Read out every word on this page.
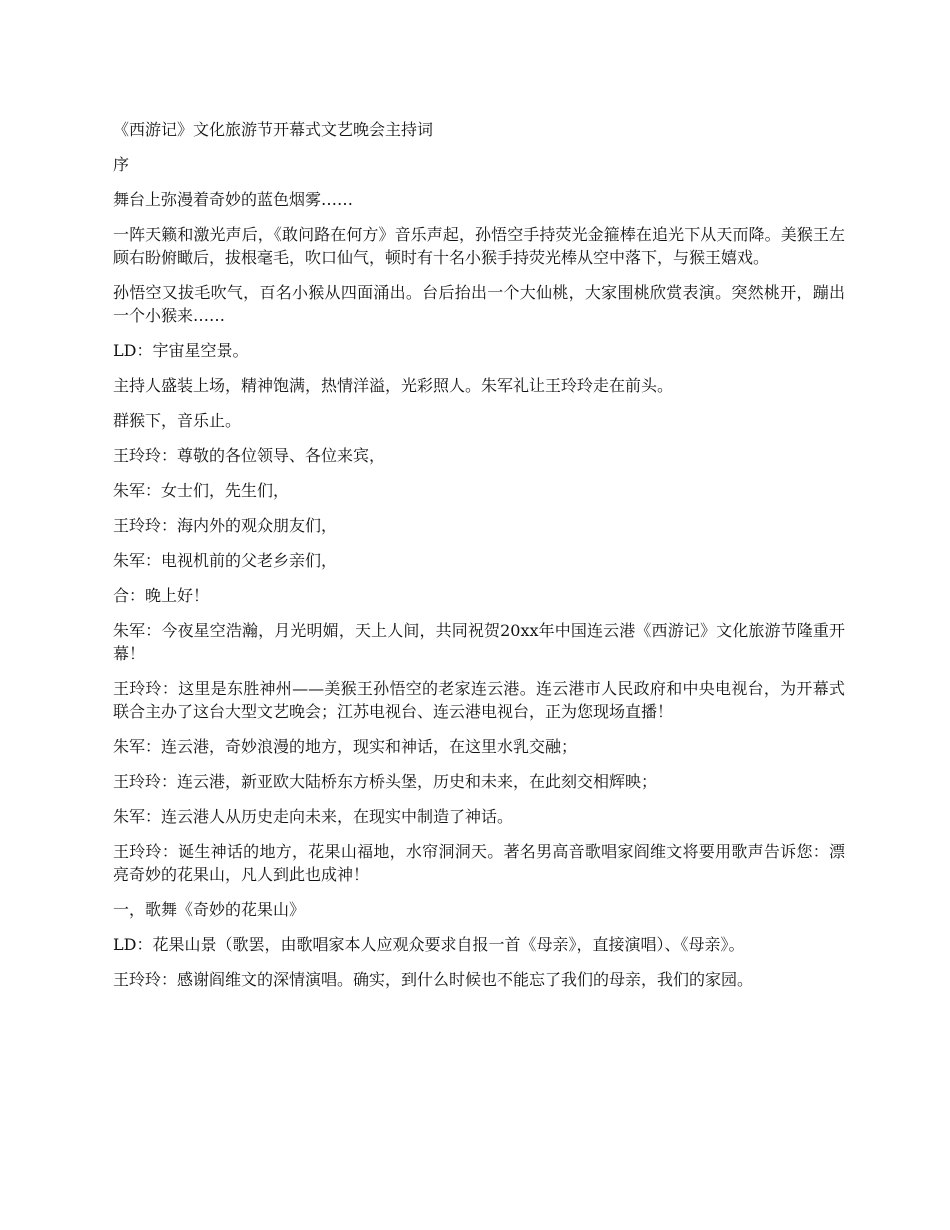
《西游记》文化旅游节开幕式文艺晚会主持词

序

舞台上弥漫着奇妙的蓝色烟雾……

一阵天籁和激光声后，《敢问路在何方》音乐声起，孙悟空手持荧光金箍棒在追光下从天而降。美猴王左顾右盼俯瞰后，拔根毫毛，吹口仙气，顿时有十名小猴手持荧光棒从空中落下，与猴王嬉戏。

孙悟空又拔毛吹气，百名小猴从四面涌出。台后抬出一个大仙桃，大家围桃欣赏表演。突然桃开，蹦出一个小猴来……

LD：宇宙星空景。

主持人盛装上场，精神饱满，热情洋溢，光彩照人。朱军礼让王玲玲走在前头。

群猴下，音乐止。

王玲玲：尊敬的各位领导、各位来宾，

朱军：女士们，先生们，

王玲玲：海内外的观众朋友们，

朱军：电视机前的父老乡亲们，

合：晚上好！

朱军：今夜星空浩瀚，月光明媚，天上人间，共同祝贺20xx年中国连云港《西游记》文化旅游节隆重开幕！

王玲玲：这里是东胜神州——美猴王孙悟空的老家连云港。连云港市人民政府和中央电视台，为开幕式联合主办了这台大型文艺晚会；江苏电视台、连云港电视台，正为您现场直播！

朱军：连云港，奇妙浪漫的地方，现实和神话，在这里水乳交融；

王玲玲：连云港，新亚欧大陆桥东方桥头堡，历史和未来，在此刻交相辉映；

朱军：连云港人从历史走向未来，在现实中制造了神话。

王玲玲：诞生神话的地方，花果山福地，水帘洞洞天。著名男高音歌唱家阎维文将要用歌声告诉您：漂亮奇妙的花果山，凡人到此也成神！

一，歌舞《奇妙的花果山》

LD：花果山景（歌罢，由歌唱家本人应观众要求自报一首《母亲》，直接演唱）、《母亲》。

王玲玲：感谢阎维文的深情演唱。确实，到什么时候也不能忘了我们的母亲，我们的家园。
